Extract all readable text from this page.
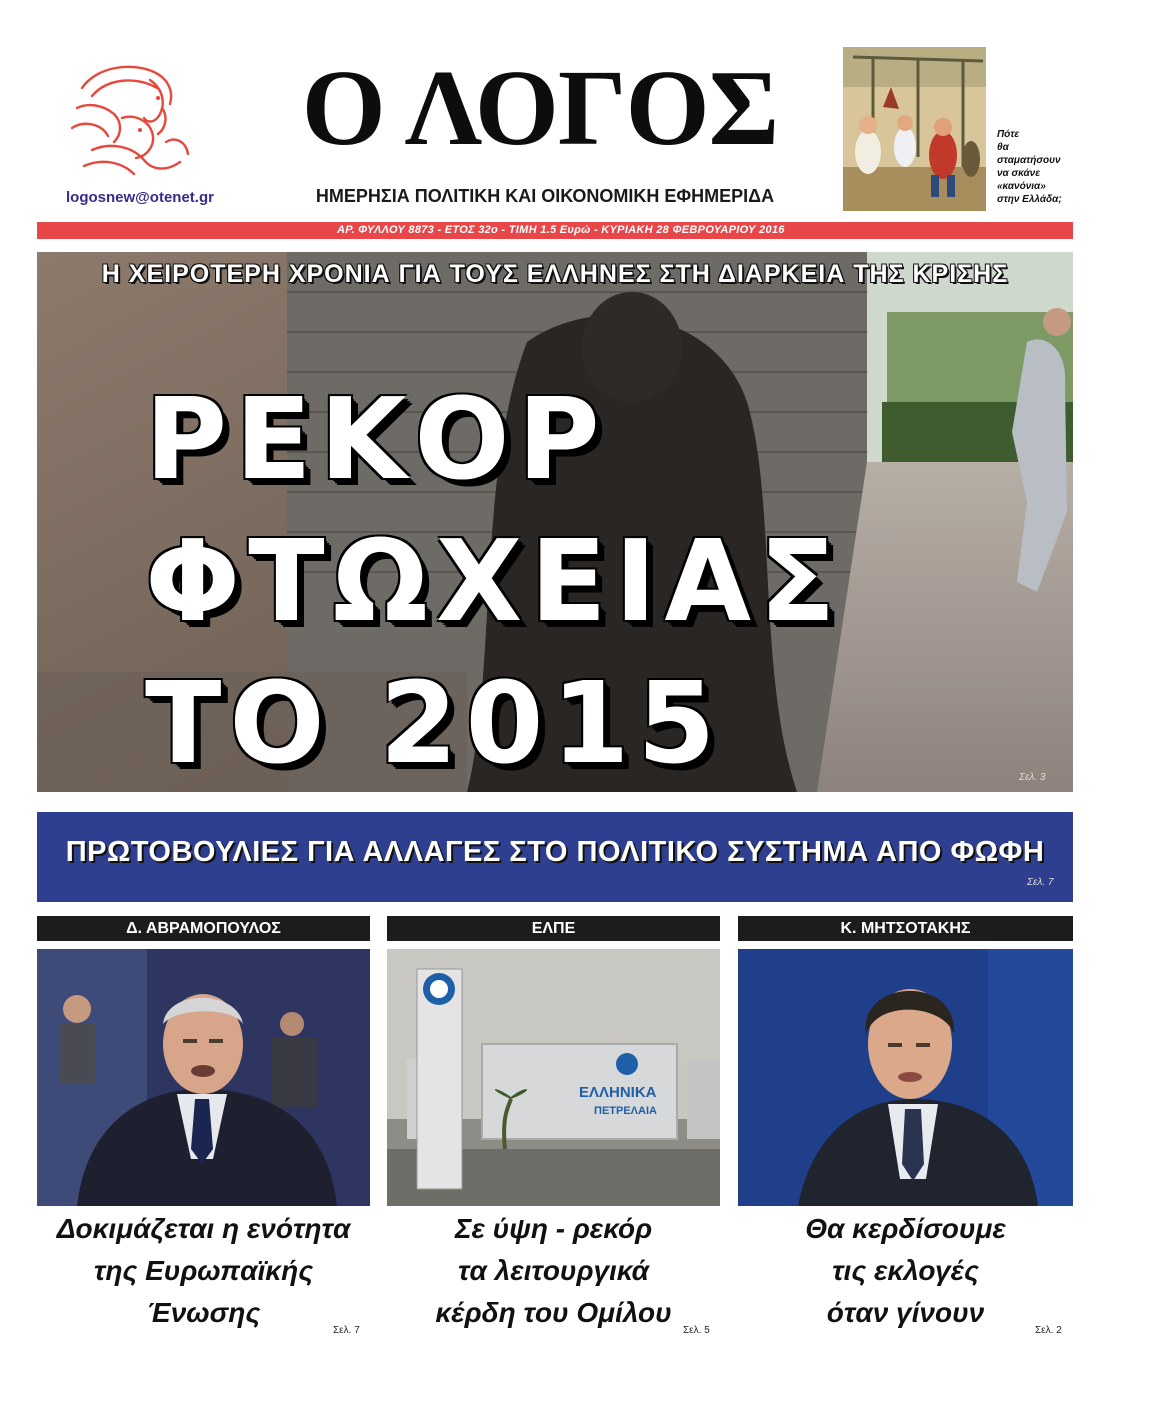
logosnew@otenet.gr
Ο ΛΟΓΟΣ
ΗΜΕΡΗΣΙΑ ΠΟΛΙΤΙΚΗ ΚΑΙ ΟΙΚΟΝΟΜΙΚΗ ΕΦΗΜΕΡΙΔΑ
Πότε
θα
σταματήσουν
να σκάνε
«κανόνια»
στην Ελλάδα;
ΑΡ. ΦΥΛΛΟΥ 8873 - ΕΤΟΣ 32ο - ΤΙΜΗ 1.5 Ευρώ - ΚΥΡΙΑΚΗ 28 ΦΕΒΡΟΥΑΡΙΟΥ 2016
Η ΧΕΙΡΟΤΕΡΗ ΧΡΟΝΙΑ ΓΙΑ ΤΟΥΣ ΕΛΛΗΝΕΣ ΣΤΗ ΔΙΑΡΚΕΙΑ ΤΗΣ ΚΡΙΣΗΣ
ΡΕΚΟΡ
ΦΤΩΧΕΙΑΣ
ΤΟ 2015	Σελ. 3
ΠΡΩΤΟΒΟΥΛΙΕΣ ΓΙΑ ΑΛΛΑΓΕΣ ΣΤΟ ΠΟΛΙΤΙΚΟ ΣΥΣΤΗΜΑ ΑΠΟ ΦΩΦΗ
Σελ. 7
Δ. ΑΒΡΑΜΟΠΟΥΛΟΣ
Δοκιμάζεται η ενότητα
της Ευρωπαϊκής
Ένωσης
Σελ. 7
ΕΛΠΕ
ΕΛΛΗΝΙΚΑ
ΠΕΤΡΕΛΑΙΑ
Σε ύψη - ρεκόρ
τα λειτουργικά
κέρδη του Ομίλου
Σελ. 5
Κ. ΜΗΤΣΟΤΑΚΗΣ
Θα κερδίσουμε
τις εκλογές
όταν γίνουν
Σελ. 2
